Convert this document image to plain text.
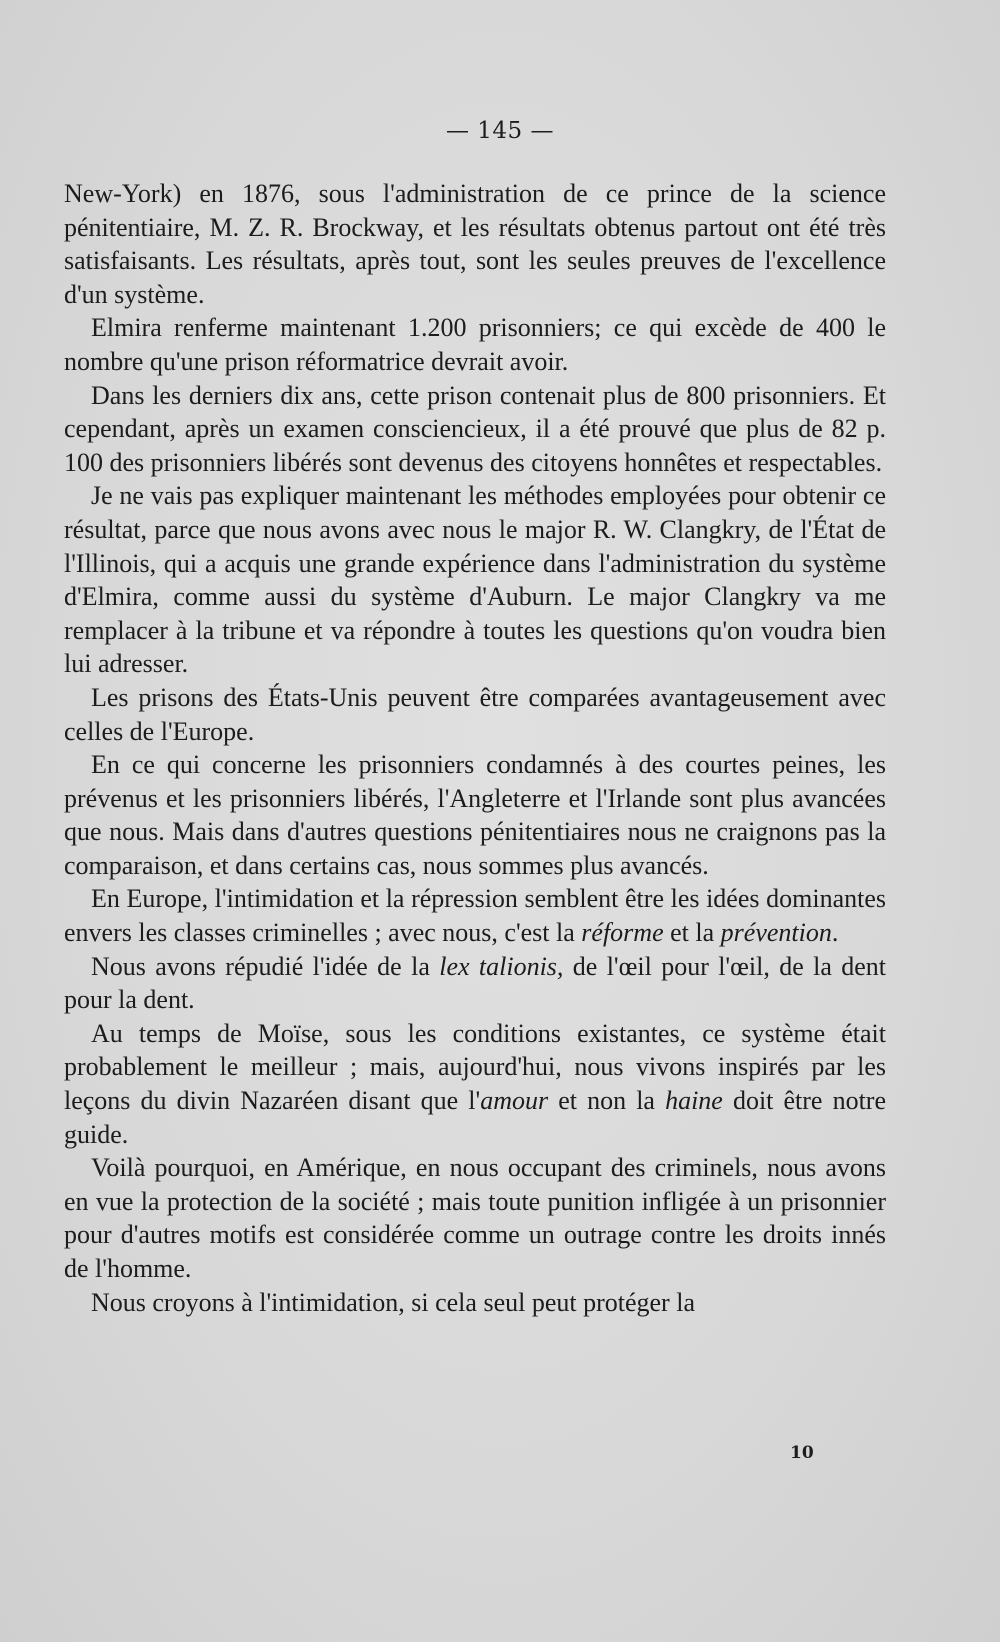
— 145 —

New-York) en 1876, sous l'administration de ce prince de la science pénitentiaire, M. Z. R. Brockway, et les résultats obtenus partout ont été très satisfaisants. Les résultats, après tout, sont les seules preuves de l'excellence d'un système.

Elmira renferme maintenant 1.200 prisonniers; ce qui excède de 400 le nombre qu'une prison réformatrice devrait avoir.

Dans les derniers dix ans, cette prison contenait plus de 800 prisonniers. Et cependant, après un examen consciencieux, il a été prouvé que plus de 82 p. 100 des prisonniers libérés sont devenus des citoyens honnêtes et respectables.

Je ne vais pas expliquer maintenant les méthodes employées pour obtenir ce résultat, parce que nous avons avec nous le major R. W. Clangkry, de l'État de l'Illinois, qui a acquis une grande expérience dans l'administration du système d'Elmira, comme aussi du système d'Auburn. Le major Clangkry va me remplacer à la tribune et va répondre à toutes les questions qu'on voudra bien lui adresser.

Les prisons des États-Unis peuvent être comparées avantageusement avec celles de l'Europe.

En ce qui concerne les prisonniers condamnés à des courtes peines, les prévenus et les prisonniers libérés, l'Angleterre et l'Irlande sont plus avancées que nous. Mais dans d'autres questions pénitentiaires nous ne craignons pas la comparaison, et dans certains cas, nous sommes plus avancés.

En Europe, l'intimidation et la répression semblent être les idées dominantes envers les classes criminelles ; avec nous, c'est la réforme et la prévention.

Nous avons répudié l'idée de la lex talionis, de l'œil pour l'œil, de la dent pour la dent.

Au temps de Moïse, sous les conditions existantes, ce système était probablement le meilleur ; mais, aujourd'hui, nous vivons inspirés par les leçons du divin Nazaréen disant que l'amour et non la haine doit être notre guide.

Voilà pourquoi, en Amérique, en nous occupant des criminels, nous avons en vue la protection de la société ; mais toute punition infligée à un prisonnier pour d'autres motifs est considérée comme un outrage contre les droits innés de l'homme.

Nous croyons à l'intimidation, si cela seul peut protéger la

10
